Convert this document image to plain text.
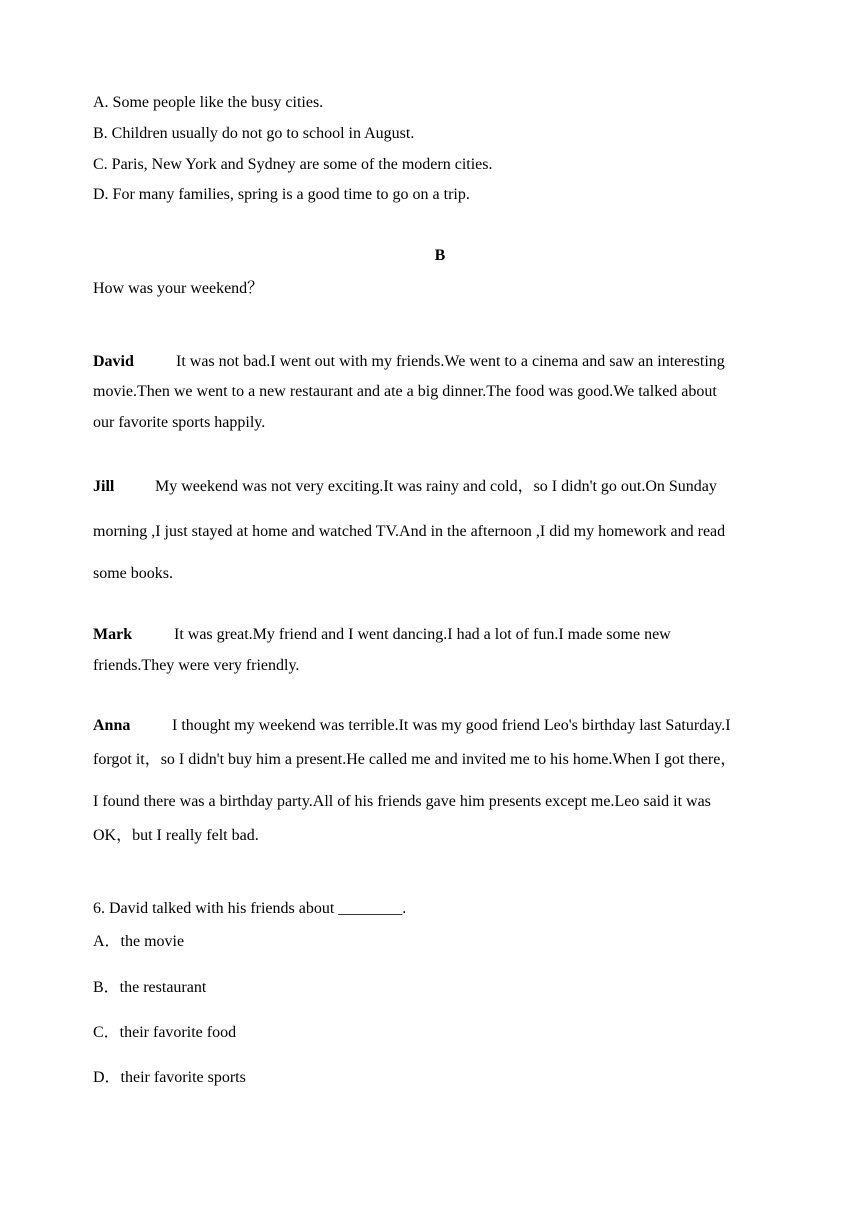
A. Some people like the busy cities.
B. Children usually do not go to school in August.
C. Paris, New York and Sydney are some of the modern cities.
D. For many families, spring is a good time to go on a trip.
B
How was your weekend？
David	It was not bad.I went out with my friends.We went to a cinema and saw an interesting
movie.Then we went to a new restaurant and ate a big dinner.The food was good.We talked about
our favorite sports happily.
Jill	My weekend was not very exciting.It was rainy and cold，so I didn't go out.On Sunday
morning ,I just stayed at home and watched TV.And in the afternoon ,I did my homework and read
some books.
Mark	It was great.My friend and I went dancing.I had a lot of fun.I made some new
friends.They were very friendly.
Anna	I thought my weekend was terrible.It was my good friend Leo's birthday last Saturday.I
forgot it，so I didn't buy him a present.He called me and invited me to his home.When I got there，
I found there was a birthday party.All of his friends gave him presents except me.Leo said it was
OK，but I really felt bad.
6. David talked with his friends about ________.
A．the movie
B．the restaurant
C．their favorite food
D．their favorite sports
